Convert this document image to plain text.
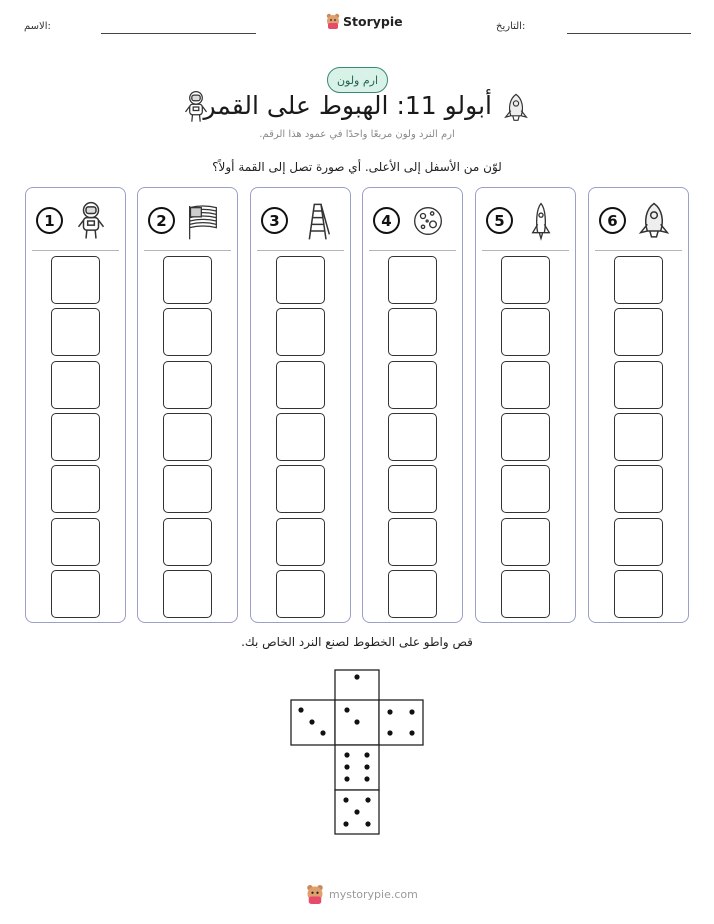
الاسم:	Storypie	التاريخ:
ارم ولون
أبولو 11: الهبوط على القمر
ارم النرد ولون مربعًا واحدًا في عمود هذا الرقم.
لوّن من الأسفل إلى الأعلى. أي صورة تصل إلى القمة أولاً؟
1	2	3	4	5	6
قص واطو على الخطوط لصنع النرد الخاص بك.
mystorypie.com
